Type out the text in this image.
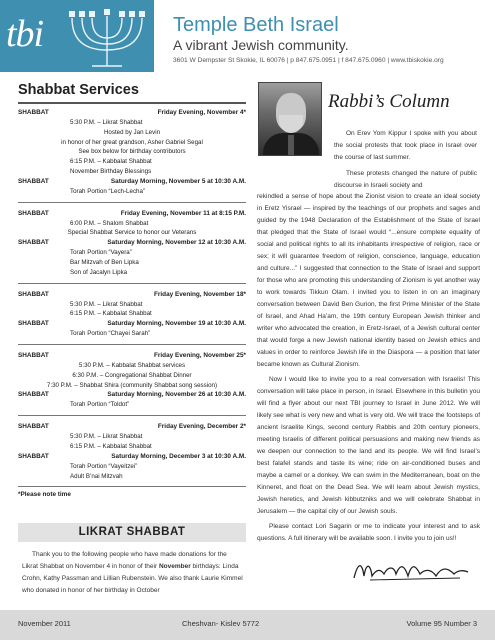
tbi	Temple Beth Israel
A vibrant Jewish community.
3601 W Dempster St Skokie, IL 60076 | p 847.675.0951 | f 847.675.0960 | www.tbiskokie.org
Shabbat Services
SHABBAT	Friday Evening, November 4*
5:30 P.M. – Likrat Shabbat
Hosted by Jan Levin
in honor of her great grandson, Asher Gabriel Segal
See box below for birthday contributors
6:15 P.M. – Kabbalat Shabbat
November Birthday Blessings
SHABBAT	Saturday Morning, November 5 at 10:30 A.M.
Torah Portion “Lech-Lecha”
SHABBAT	Friday Evening, November 11 at 8:15 P.M.
6:00 P.M. – Shalom Shabbat
Special Shabbat Service to honor our Veterans
SHABBAT	Saturday Morning, November 12 at 10:30 A.M.
Torah Portion “Vayera”
Bar Mitzvah of Ben Lipka
Son of Jacalyn Lipka
SHABBAT	Friday Evening, November 18*
5:30 P.M. – Likrat Shabbat
6:15 P.M. – Kabbalat Shabbat
SHABBAT	Saturday Morning, November 19 at 10:30 A.M.
Torah Portion “Chayei Sarah”
SHABBAT	Friday Evening, November 25*
5:30 P.M. – Kabbalat Shabbat services
6:30 P.M. – Congregational Shabbat Dinner
7:30 P.M. – Shabbat Shira (community Shabbat song session)
SHABBAT	Saturday Morning, November 26 at 10:30 A.M.
Torah Portion “Toldot”
SHABBAT	Friday Evening, December 2*
5:30 P.M. – Likrat Shabbat
6:15 P.M. – Kabbalat Shabbat
SHABBAT	Saturday Morning, December 3 at 10:30 A.M.
Torah Portion “Vayeitzei”
Adult B’nai Mitzvah
*Please note time
LIKRAT SHABBAT
Thank you to the following people who have made donations for the Likrat Shabbat on November 4 in honor of their November birthdays: Linda Crohn, Kathy Passman and Lillian Rubenstein. We also thank Laurie Kimmel who donated in honor of her birthday in October
Rabbi’s Column

On Erev Yom Kippur I spoke with you about the social protests that took place in Israel over the course of last summer.

These protests changed the nature of public discourse in Israeli society and

rekindled a sense of hope about the Zionist vision to create an ideal society in Eretz Yisrael — inspired by the teachings of our prophets and sages and guided by the 1948 Declaration of the Establishment of the State of Israel that pledged that the State of Israel would “...ensure complete equality of social and political rights to all its inhabitants irrespective of religion, race or sex; it will guarantee freedom of religion, conscience, language, education and culture...” I suggested that connection to the State of Israel and support for those who are promoting this understanding of Zionism is yet another way to work towards Tikkun Olam. I invited you to listen in on an imaginary conversation between David Ben Gurion, the first Prime Minister of the State of Israel, and Ahad Ha’am, the 19th century European Jewish thinker and writer who advocated the creation, in Eretz-Israel, of a Jewish cultural center that would forge a new Jewish national identity based on Jewish ethics and values in order to reinforce Jewish life in the Diaspora — a position that later became known as Cultural Zionism.

Now I would like to invite you to a real conversation with Israelis! This conversation will take place in person, in Israel. Elsewhere in this bulletin you will find a flyer about our next TBI journey to Israel in June 2012. We will likely see what is very new and what is very old. We will trace the footsteps of ancient Israelite Kings, second century Rabbis and 20th century pioneers, meeting Israelis of different political persuasions and making new friends as we deepen our connection to the land and its people. We will find Israel’s best falafel stands and taste its wine; ride on air-conditioned buses and maybe a camel or a donkey. We can swim in the Mediterranean, boat on the Kinneret, and float on the Dead Sea. We will learn about Jewish mystics, Jewish heretics, and Jewish kibbutzniks and we will celebrate Shabbat in Jerusalem — the capital city of our Jewish souls.

Please contact Lori Sagarin or me to indicate your interest and to ask questions. A full itinerary will be available soon. I invite you to join us!!

November 2011	Cheshvan- Kislev 5772	Volume 95 Number 3
